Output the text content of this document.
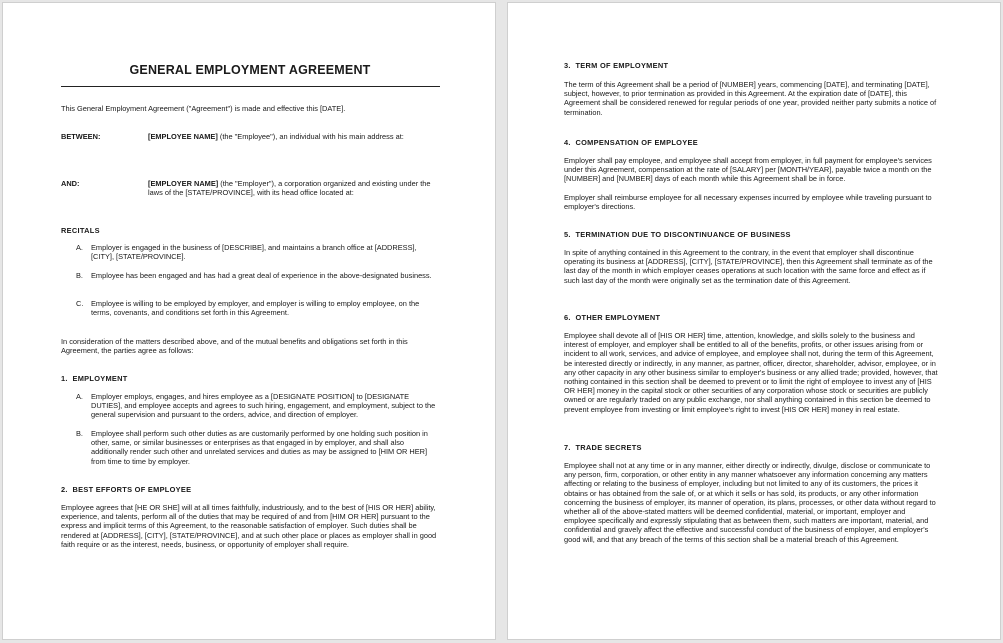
GENERAL EMPLOYMENT AGREEMENT
This General Employment Agreement ("Agreement") is made and effective this [DATE].
BETWEEN:	[EMPLOYEE NAME] (the "Employee"), an individual with his main address at:
AND:	[EMPLOYER NAME] (the "Employer"), a corporation organized and existing under the laws of the [STATE/PROVINCE], with its head office located at:
RECITALS
A. Employer is engaged in the business of [DESCRIBE], and maintains a branch office at [ADDRESS], [CITY], [STATE/PROVINCE].
B. Employee has been engaged and has had a great deal of experience in the above-designated business.
C. Employee is willing to be employed by employer, and employer is willing to employ employee, on the terms, covenants, and conditions set forth in this Agreement.
In consideration of the matters described above, and of the mutual benefits and obligations set forth in this Agreement, the parties agree as follows:
1.  EMPLOYMENT
A. Employer employs, engages, and hires employee as a [DESIGNATE POSITION] to [DESIGNATE DUTIES], and employee accepts and agrees to such hiring, engagement, and employment, subject to the general supervision and pursuant to the orders, advice, and direction of employer.
B. Employee shall perform such other duties as are customarily performed by one holding such position in other, same, or similar businesses or enterprises as that engaged in by employer, and shall also additionally render such other and unrelated services and duties as may be assigned to [HIM OR HER] from time to time by employer.
2.  BEST EFFORTS OF EMPLOYEE
Employee agrees that [HE OR SHE] will at all times faithfully, industriously, and to the best of [HIS OR HER] ability, experience, and talents, perform all of the duties that may be required of and from [HIM OR HER] pursuant to the express and implicit terms of this Agreement, to the reasonable satisfaction of employer. Such duties shall be rendered at [ADDRESS], [CITY], [STATE/PROVINCE], and at such other place or places as employer shall in good faith require or as the interest, needs, business, or opportunity of employer shall require.
3.  TERM OF EMPLOYMENT
The term of this Agreement shall be a period of [NUMBER] years, commencing [DATE], and terminating [DATE], subject, however, to prior termination as provided in this Agreement. At the expiration date of [DATE], this Agreement shall be considered renewed for regular periods of one year, provided neither party submits a notice of termination.
4.  COMPENSATION OF EMPLOYEE
Employer shall pay employee, and employee shall accept from employer, in full payment for employee's services under this Agreement, compensation at the rate of [SALARY] per [MONTH/YEAR], payable twice a month on the [NUMBER] and [NUMBER] days of each month while this Agreement shall be in force.
Employer shall reimburse employee for all necessary expenses incurred by employee while traveling pursuant to employer's directions.
5.  TERMINATION DUE TO DISCONTINUANCE OF BUSINESS
In spite of anything contained in this Agreement to the contrary, in the event that employer shall discontinue operating its business at [ADDRESS], [CITY], [STATE/PROVINCE], then this Agreement shall terminate as of the last day of the month in which employer ceases operations at such location with the same force and effect as if such last day of the month were originally set as the termination date of this Agreement.
6.  OTHER EMPLOYMENT
Employee shall devote all of [HIS OR HER] time, attention, knowledge, and skills solely to the business and interest of employer, and employer shall be entitled to all of the benefits, profits, or other issues arising from or incident to all work, services, and advice of employee, and employee shall not, during the term of this Agreement, be interested directly or indirectly, in any manner, as partner, officer, director, shareholder, advisor, employee, or in any other capacity in any other business similar to employer's business or any allied trade; provided, however, that nothing contained in this section shall be deemed to prevent or to limit the right of employee to invest any of [HIS OR HER] money in the capital stock or other securities of any corporation whose stock or securities are publicly owned or are regularly traded on any public exchange, nor shall anything contained in this section be deemed to prevent employee from investing or limit employee's right to invest [HIS OR HER] money in real estate.
7.  TRADE SECRETS
Employee shall not at any time or in any manner, either directly or indirectly, divulge, disclose or communicate to any person, firm, corporation, or other entity in any manner whatsoever any information concerning any matters affecting or relating to the business of employer, including but not limited to any of its customers, the prices it obtains or has obtained from the sale of, or at which it sells or has sold, its products, or any other information concerning the business of employer, its manner of operation, its plans, processes, or other data without regard to whether all of the above-stated matters will be deemed confidential, material, or important, employer and employee specifically and expressly stipulating that as between them, such matters are important, material, and confidential and gravely affect the effective and successful conduct of the business of employer, and employer's good will, and that any breach of the terms of this section shall be a material breach of this Agreement.
